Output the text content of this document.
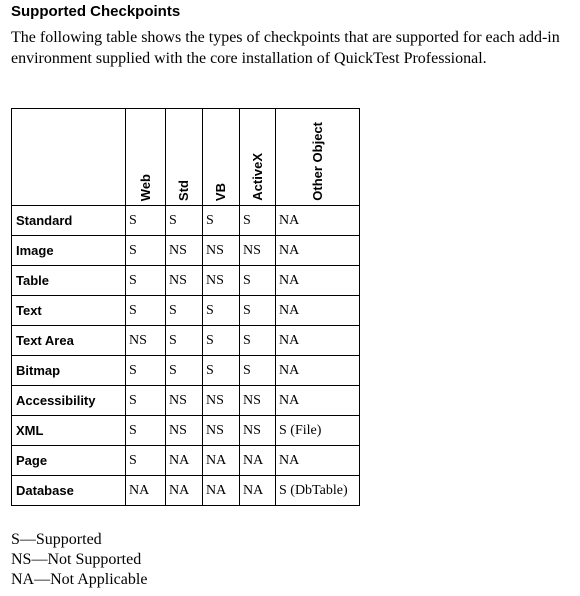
Supported Checkpoints

The following table shows the types of checkpoints that are supported for each add-in environment supplied with the core installation of QuickTest Professional.

	Web	Std	VB	ActiveX	Other Object

Standard	S	S	S	S	NA
Image	S	NS	NS	NS	NA
Table	S	NS	NS	S	NA
Text	S	S	S	S	NA
Text Area	NS	S	S	S	NA
Bitmap	S	S	S	S	NA
Accessibility	S	NS	NS	NS	NA
XML	S	NS	NS	NS	S (File)
Page	S	NA	NA	NA	NA
Database	NA	NA	NA	NA	S (DbTable)
S—Supported
NS—Not Supported
NA—Not Applicable
